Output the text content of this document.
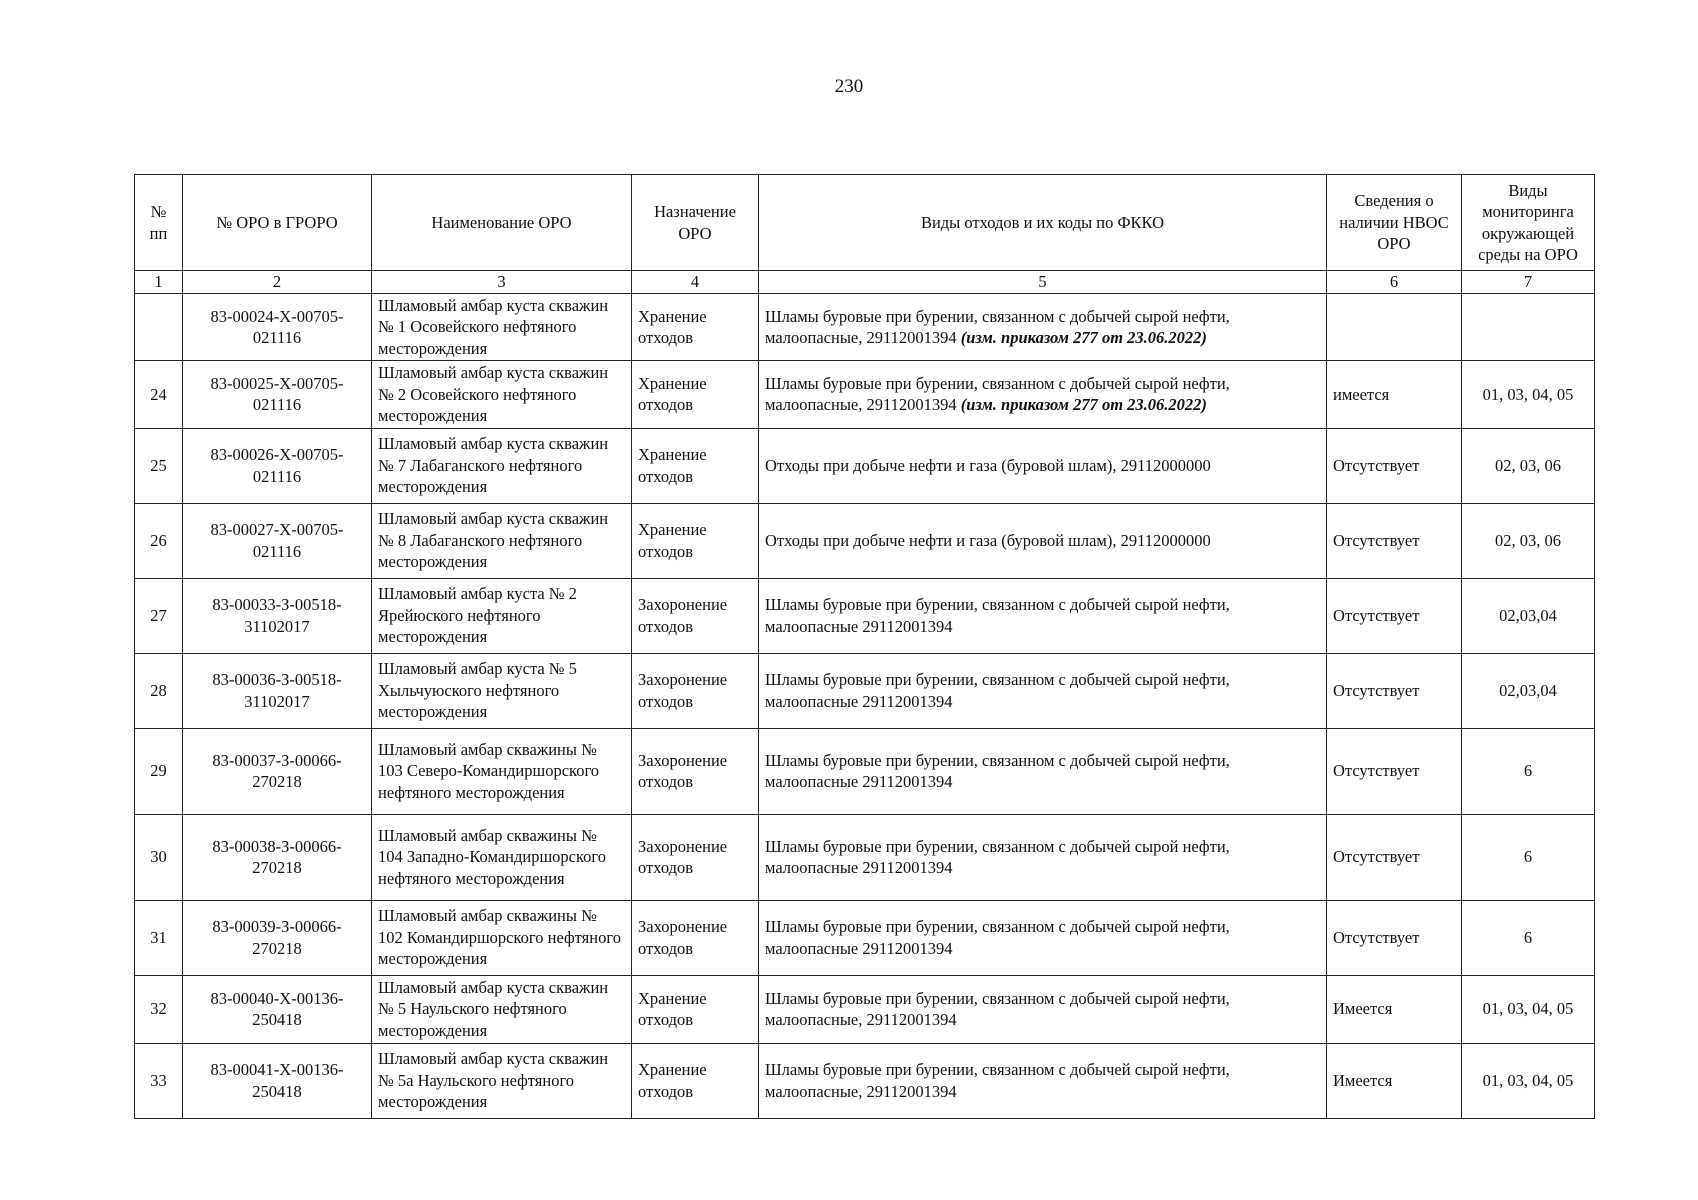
230
№ пп	№ ОРО в ГРОРО	Наименование ОРО	Назначение ОРО	Виды отходов и их коды по ФККО	Сведения о наличии НВОС ОРО	Виды мониторинга окружающей среды на ОРО
1	2	3	4	5	6	7
	83-00024-Х-00705-021116	Шламовый амбар куста скважин № 1 Осовейского нефтяного месторождения	Хранение отходов	Шламы буровые при бурении, связанном с добычей сырой нефти, малоопасные, 29112001394 (изм. приказом 277 от 23.06.2022)		
24	83-00025-Х-00705-021116	Шламовый амбар куста скважин № 2 Осовейского нефтяного месторождения	Хранение отходов	Шламы буровые при бурении, связанном с добычей сырой нефти, малоопасные, 29112001394 (изм. приказом 277 от 23.06.2022)	имеется	01, 03, 04, 05
25	83-00026-Х-00705-021116	Шламовый амбар куста скважин № 7 Лабаганского нефтяного месторождения	Хранение отходов	Отходы при добыче нефти и газа (буровой шлам), 29112000000	Отсутствует	02, 03, 06
26	83-00027-Х-00705-021116	Шламовый амбар куста скважин № 8 Лабаганского нефтяного месторождения	Хранение отходов	Отходы при добыче нефти и газа (буровой шлам), 29112000000	Отсутствует	02, 03, 06
27	83-00033-З-00518-31102017	Шламовый амбар куста № 2 Ярейюского нефтяного месторождения	Захоронение отходов	Шламы буровые при бурении, связанном с добычей сырой нефти, малоопасные 29112001394	Отсутствует	02,03,04
28	83-00036-З-00518-31102017	Шламовый амбар куста № 5 Хыльчуюского нефтяного месторождения	Захоронение отходов	Шламы буровые при бурении, связанном с добычей сырой нефти, малоопасные 29112001394	Отсутствует	02,03,04
29	83-00037-З-00066-270218	Шламовый амбар скважины № 103 Северо-Командиршорского нефтяного месторождения	Захоронение отходов	Шламы буровые при бурении, связанном с добычей сырой нефти, малоопасные 29112001394	Отсутствует	6
30	83-00038-З-00066-270218	Шламовый амбар скважины № 104 Западно-Командиршорского нефтяного месторождения	Захоронение отходов	Шламы буровые при бурении, связанном с добычей сырой нефти, малоопасные 29112001394	Отсутствует	6
31	83-00039-З-00066-270218	Шламовый амбар скважины № 102 Командиршорского нефтяного месторождения	Захоронение отходов	Шламы буровые при бурении, связанном с добычей сырой нефти, малоопасные 29112001394	Отсутствует	6
32	83-00040-Х-00136-250418	Шламовый амбар куста скважин № 5 Наульского нефтяного месторождения	Хранение отходов	Шламы буровые при бурении, связанном с добычей сырой нефти, малоопасные, 29112001394	Имеется	01, 03, 04, 05
33	83-00041-Х-00136-250418	Шламовый амбар куста скважин № 5а Наульского нефтяного месторождения	Хранение отходов	Шламы буровые при бурении, связанном с добычей сырой нефти, малоопасные, 29112001394	Имеется	01, 03, 04, 05
